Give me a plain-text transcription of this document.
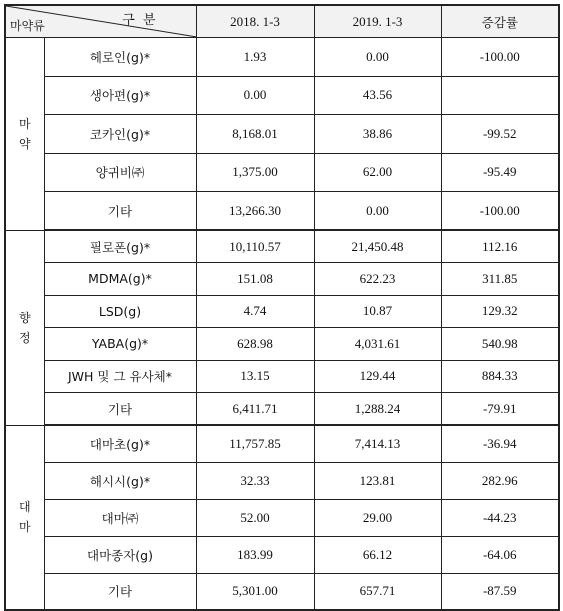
구 분
마약류		2018. 1-3	2019. 1-3	증감률

마
약	헤로인(g)*	1.93	0.00	-100.00
	생아편(g)*	0.00	43.56	
	코카인(g)*	8,168.01	38.86	-99.52
	양귀비㈜	1,375.00	62.00	-95.49
	기타	13,266.30	0.00	-100.00

향
정	필로폰(g)*	10,110.57	21,450.48	112.16
	MDMA(g)*	151.08	622.23	311.85
	LSD(g)	4.74	10.87	129.32
	YABA(g)*	628.98	4,031.61	540.98
	JWH 및 그 유사체*	13.15	129.44	884.33
	기타	6,411.71	1,288.24	-79.91

대
마	대마초(g)*	11,757.85	7,414.13	-36.94
	해시시(g)*	32.33	123.81	282.96
	대마㈜	52.00	29.00	-44.23
	대마종자(g)	183.99	66.12	-64.06
	기타	5,301.00	657.71	-87.59
